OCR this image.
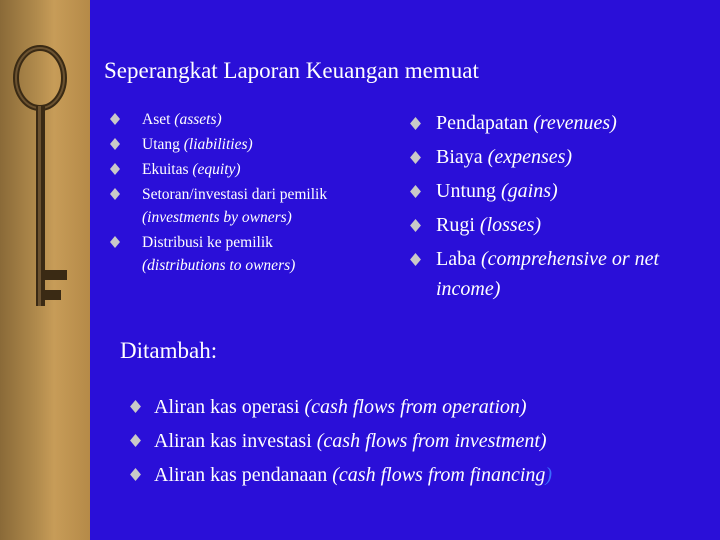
Seperangkat Laporan Keuangan memuat
Aset (assets)
Utang (liabilities)
Ekuitas (equity)
Setoran/investasi dari pemilik (investments by owners)
Distribusi ke pemilik (distributions to owners)
Pendapatan (revenues)
Biaya (expenses)
Untung (gains)
Rugi (losses)
Laba (comprehensive or net income)
Ditambah:
Aliran kas operasi (cash flows from operation)
Aliran kas investasi (cash flows from investment)
Aliran kas pendanaan (cash flows from financing)
